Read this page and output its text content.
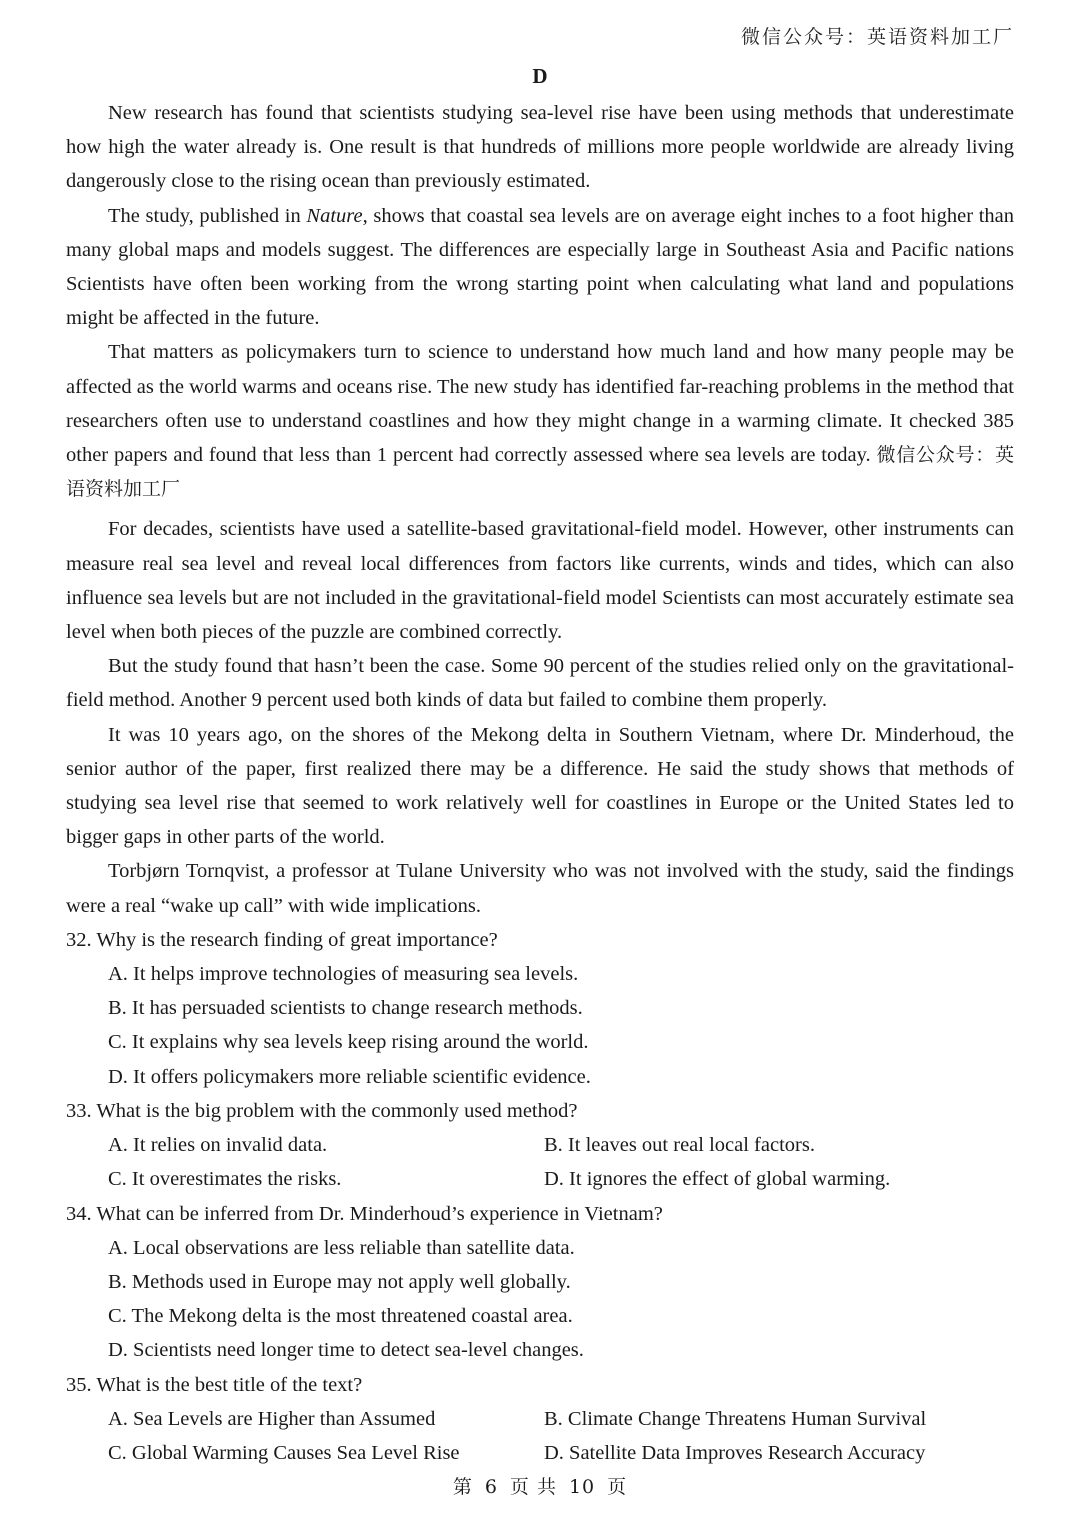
微信公众号：英语资料加工厂
D

New research has found that scientists studying sea-level rise have been using methods that underestimate how high the water already is. One result is that hundreds of millions more people worldwide are already living dangerously close to the rising ocean than previously estimated.

The study, published in Nature, shows that coastal sea levels are on average eight inches to a foot higher than many global maps and models suggest. The differences are especially large in Southeast Asia and Pacific nations Scientists have often been working from the wrong starting point when calculating what land and populations might be affected in the future.

That matters as policymakers turn to science to understand how much land and how many people may be affected as the world warms and oceans rise. The new study has identified far-reaching problems in the method that researchers often use to understand coastlines and how they might change in a warming climate. It checked 385 other papers and found that less than 1 percent had correctly assessed where sea levels are today. 微信公众号：英语资料加工厂

For decades, scientists have used a satellite-based gravitational-field model. However, other instruments can measure real sea level and reveal local differences from factors like currents, winds and tides, which can also influence sea levels but are not included in the gravitational-field model Scientists can most accurately estimate sea level when both pieces of the puzzle are combined correctly.

But the study found that hasn’t been the case. Some 90 percent of the studies relied only on the gravitational-field method. Another 9 percent used both kinds of data but failed to combine them properly.

It was 10 years ago, on the shores of the Mekong delta in Southern Vietnam, where Dr. Minderhoud, the senior author of the paper, first realized there may be a difference. He said the study shows that methods of studying sea level rise that seemed to work relatively well for coastlines in Europe or the United States led to bigger gaps in other parts of the world.

Torbjørn Tornqvist, a professor at Tulane University who was not involved with the study, said the findings were a real “wake up call” with wide implications.

32. Why is the research finding of great importance?

A. It helps improve technologies of measuring sea levels.

B. It has persuaded scientists to change research methods.

C. It explains why sea levels keep rising around the world.

D. It offers policymakers more reliable scientific evidence.

33. What is the big problem with the commonly used method?

A. It relies on invalid data.	B. It leaves out real local factors.
C. It overestimates the risks.	D. It ignores the effect of global warming.

34. What can be inferred from Dr. Minderhoud’s experience in Vietnam?

A. Local observations are less reliable than satellite data.

B. Methods used in Europe may not apply well globally.

C. The Mekong delta is the most threatened coastal area.

D. Scientists need longer time to detect sea-level changes.

35. What is the best title of the text?

A. Sea Levels are Higher than Assumed	B. Climate Change Threatens Human Survival
C. Global Warming Causes Sea Level Rise	D. Satellite Data Improves Research Accuracy
第 6 页 共 10 页
